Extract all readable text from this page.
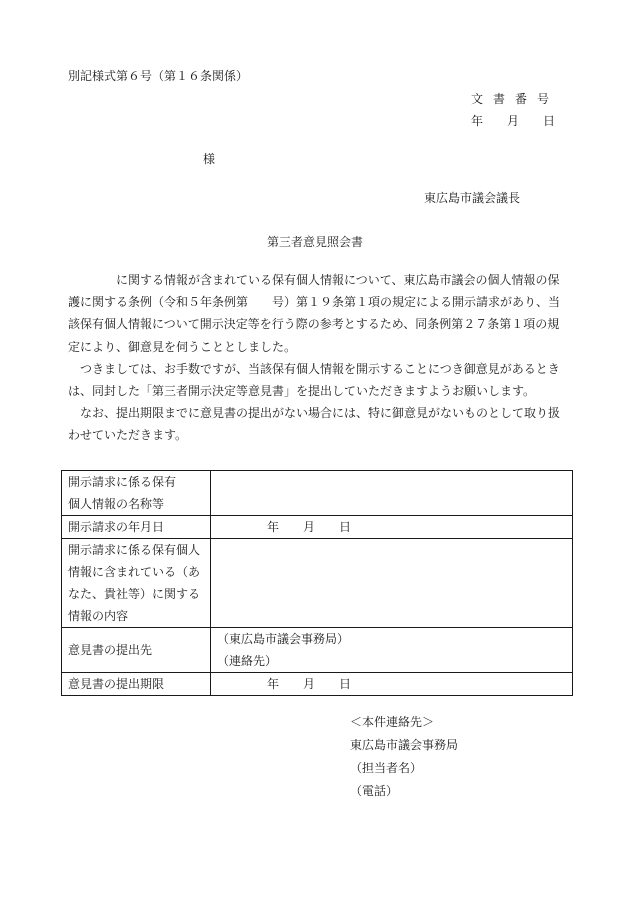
別記様式第６号（第１６条関係）
文書番号
年 月 日
様
東広島市議会議長
第三者意見照会書

　　　　に関する情報が含まれている保有個人情報について、東広島市議会の個人情報の保
護に関する条例（令和５年条例第　　号）第１９条第１項の規定による開示請求があり、当
該保有個人情報について開示決定等を行う際の参考とするため、同条例第２７条第１項の規
定により、御意見を伺うこととしました。

　つきましては、お手数ですが、当該保有個人情報を開示することにつき御意見があるとき
は、同封した「第三者開示決定等意見書」を提出していただきますようお願いします。

　なお、提出期限までに意見書の提出がない場合には、特に御意見がないものとして取り扱
わせていただきます。

開示請求に係る保有
個人情報の名称等	

開示請求の年月日	年　　月　　日

開示請求に係る保有個人
情報に含まれている（あ
なた、貴社等）に関する
情報の内容	

意見書の提出先	（東広島市議会事務局）
（連絡先）

意見書の提出期限	年　　月　　日
＜本件連絡先＞
東広島市議会事務局
（担当者名）
（電話）
